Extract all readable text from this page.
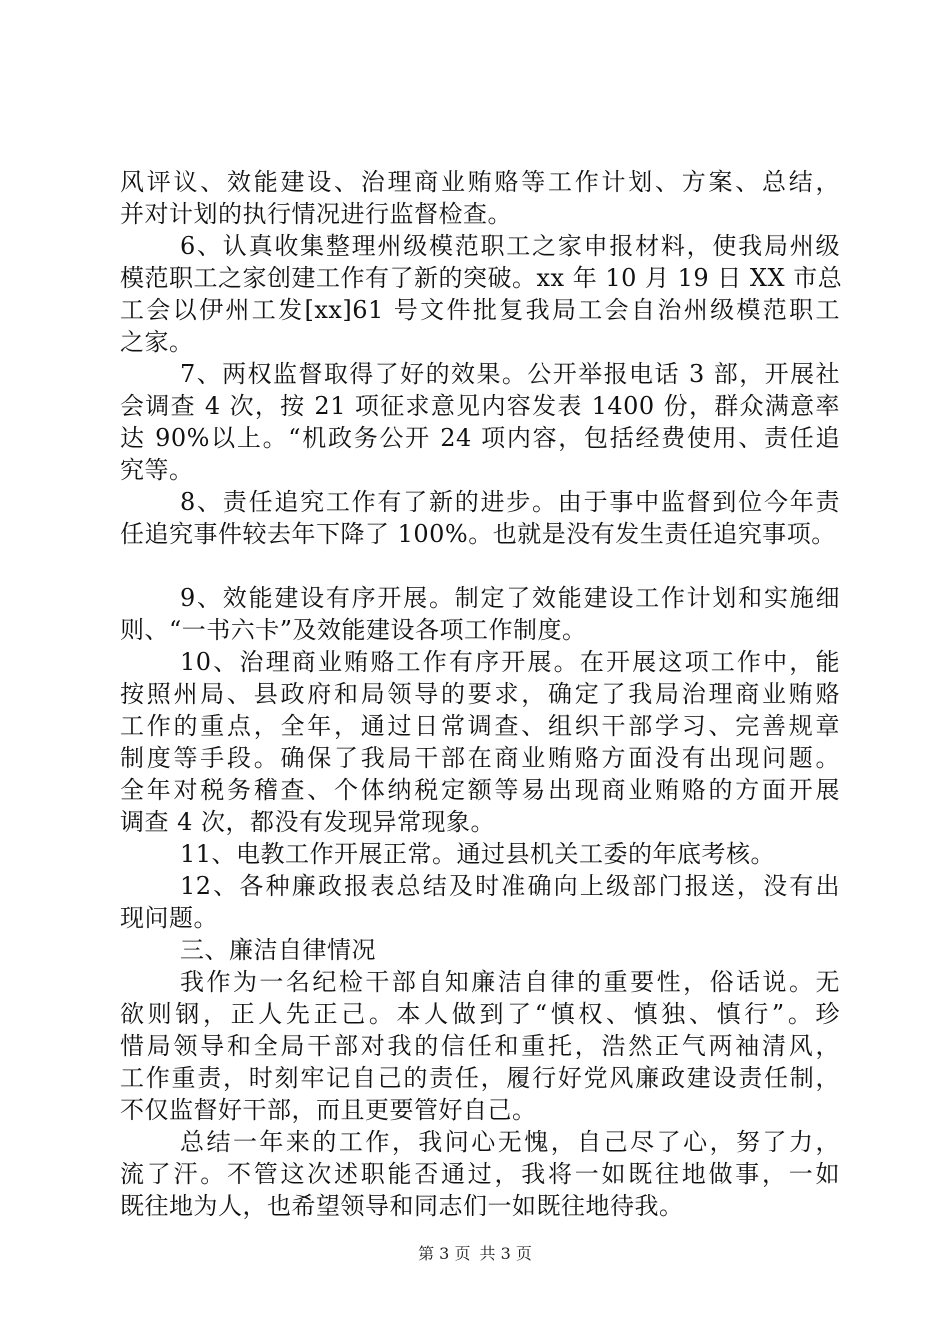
风评议、效能建设、治理商业贿赂等工作计划、方案、总结，
并对计划的执行情况进行监督检查。
6、认真收集整理州级模范职工之家申报材料，使我局州级
模范职工之家创建工作有了新的突破。xx 年 10 月 19 日 XX 市总
工会以伊州工发[xx]61 号文件批复我局工会自治州级模范职工
之家。
7、两权监督取得了好的效果。公开举报电话 3 部，开展社
会调查 4 次，按 21 项征求意见内容发表 1400 份，群众满意率
达 90%以上。“机政务公开 24 项内容，包括经费使用、责任追
究等。
8、责任追究工作有了新的进步。由于事中监督到位今年责
任追究事件较去年下降了 100%。也就是没有发生责任追究事项。
9、效能建设有序开展。制定了效能建设工作计划和实施细
则、“一书六卡”及效能建设各项工作制度。
10、治理商业贿赂工作有序开展。在开展这项工作中，能
按照州局、县政府和局领导的要求，确定了我局治理商业贿赂
工作的重点，全年，通过日常调查、组织干部学习、完善规章
制度等手段。确保了我局干部在商业贿赂方面没有出现问题。
全年对税务稽查、个体纳税定额等易出现商业贿赂的方面开展
调查 4 次，都没有发现异常现象。
11、电教工作开展正常。通过县机关工委的年底考核。
12、各种廉政报表总结及时准确向上级部门报送，没有出
现问题。
三、廉洁自律情况
我作为一名纪检干部自知廉洁自律的重要性，俗话说。无
欲则钢，正人先正己。本人做到了“慎权、慎独、慎行”。珍
惜局领导和全局干部对我的信任和重托，浩然正气两袖清风，
工作重责，时刻牢记自己的责任，履行好党风廉政建设责任制，
不仅监督好干部，而且更要管好自己。
总结一年来的工作，我问心无愧，自己尽了心，努了力，
流了汗。不管这次述职能否通过，我将一如既往地做事，一如
既往地为人，也希望领导和同志们一如既往地待我。
第 3 页 共 3 页
